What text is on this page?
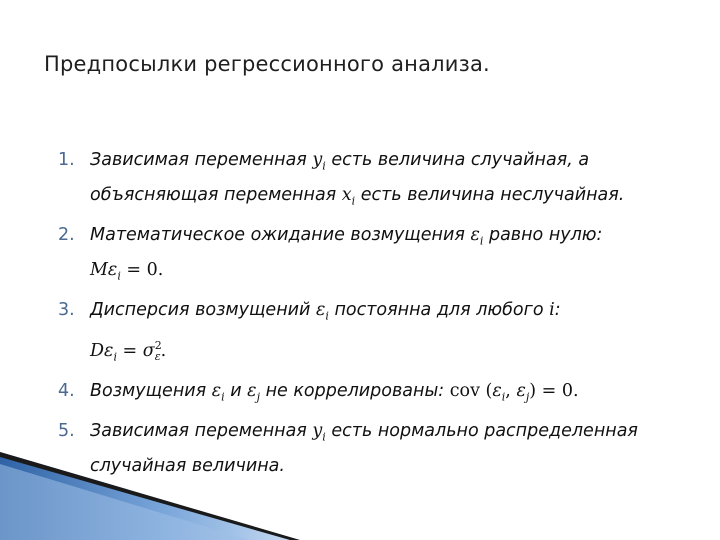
Предпосылки регрессионного анализа.
1. Зависимая переменная $y_i$ есть величина случайная, а
объясняющая переменная $x_i$ есть величина неслучайная.
2. Математическое ожидание возмущения $\varepsilon_i$ равно нулю:
$M\varepsilon_i = 0$.
3. Дисперсия возмущений $\varepsilon_i$ постоянна для любого i:
$D\varepsilon_i = \sigma^2_\varepsilon$.
4. Возмущения $\varepsilon_i$ и $\varepsilon_j$ не коррелированы: cov ($\varepsilon_i$, $\varepsilon_j) = 0$.
5. Зависимая переменная $y_i$ есть нормально распределенная
случайная величина.
